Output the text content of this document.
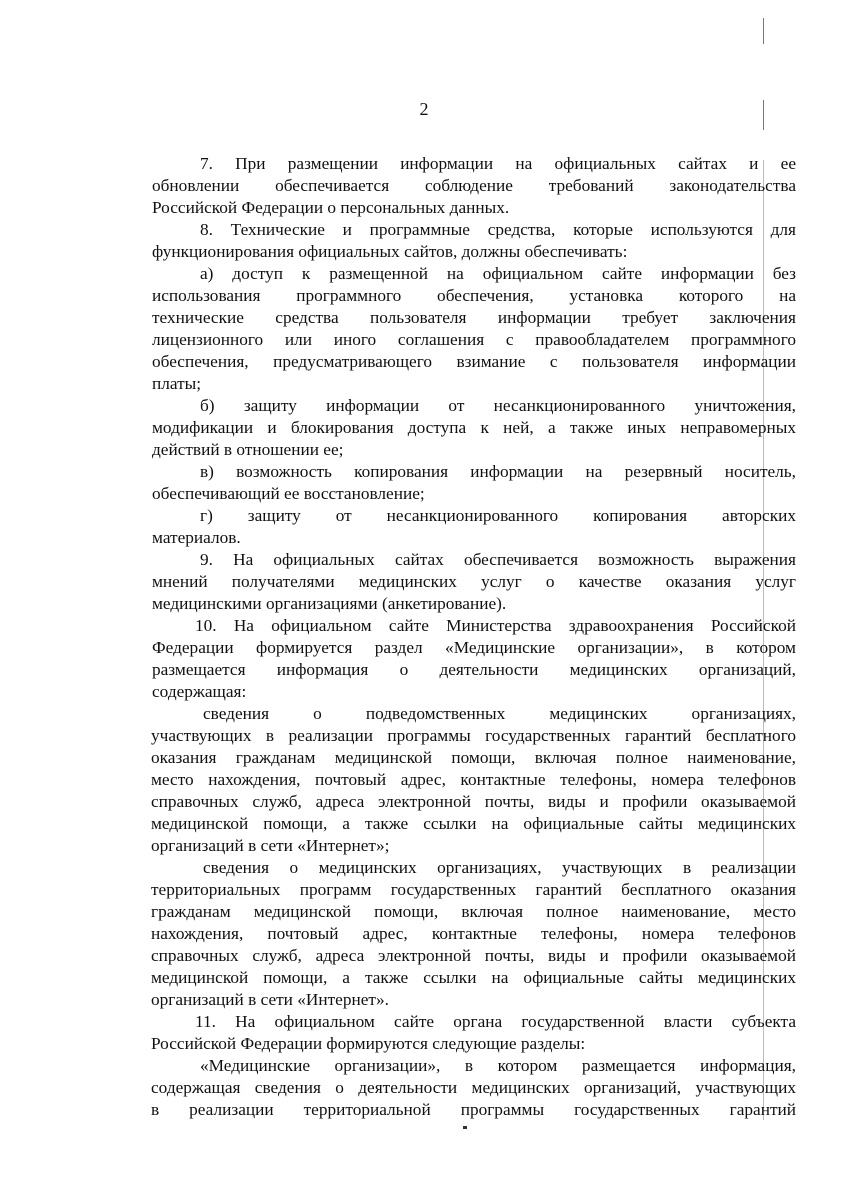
2
7. При размещении информации на официальных сайтах и ее
обновлении обеспечивается соблюдение требований законодательства
Российской Федерации о персональных данных.
8. Технические и программные средства, которые используются для
функционирования официальных сайтов, должны обеспечивать:
а) доступ к размещенной на официальном сайте информации без
использования программного обеспечения, установка которого на
технические средства пользователя информации требует заключения
лицензионного или иного соглашения с правообладателем программного
обеспечения, предусматривающего взимание с пользователя информации
платы;
б) защиту информации от несанкционированного уничтожения,
модификации и блокирования доступа к ней, а также иных неправомерных
действий в отношении ее;
в) возможность копирования информации на резервный носитель,
обеспечивающий ее восстановление;
г) защиту от несанкционированного копирования авторских
материалов.
9. На официальных сайтах обеспечивается возможность выражения
мнений получателями медицинских услуг о качестве оказания услуг
медицинскими организациями (анкетирование).
10. На официальном сайте Министерства здравоохранения Российской
Федерации формируется раздел «Медицинские организации», в котором
размещается информация о деятельности медицинских организаций,
содержащая:
сведения о подведомственных медицинских организациях,
участвующих в реализации программы государственных гарантий бесплатного
оказания гражданам медицинской помощи, включая полное наименование,
место нахождения, почтовый адрес, контактные телефоны, номера телефонов
справочных служб, адреса электронной почты, виды и профили оказываемой
медицинской помощи, а также ссылки на официальные сайты медицинских
организаций в сети «Интернет»;
сведения о медицинских организациях, участвующих в реализации
территориальных программ государственных гарантий бесплатного оказания
гражданам медицинской помощи, включая полное наименование, место
нахождения, почтовый адрес, контактные телефоны, номера телефонов
справочных служб, адреса электронной почты, виды и профили оказываемой
медицинской помощи, а также ссылки на официальные сайты медицинских
организаций в сети «Интернет».
11. На официальном сайте органа государственной власти субъекта
Российской Федерации формируются следующие разделы:
«Медицинские организации», в котором размещается информация,
содержащая сведения о деятельности медицинских организаций, участвующих
в реализации территориальной программы государственных гарантий
